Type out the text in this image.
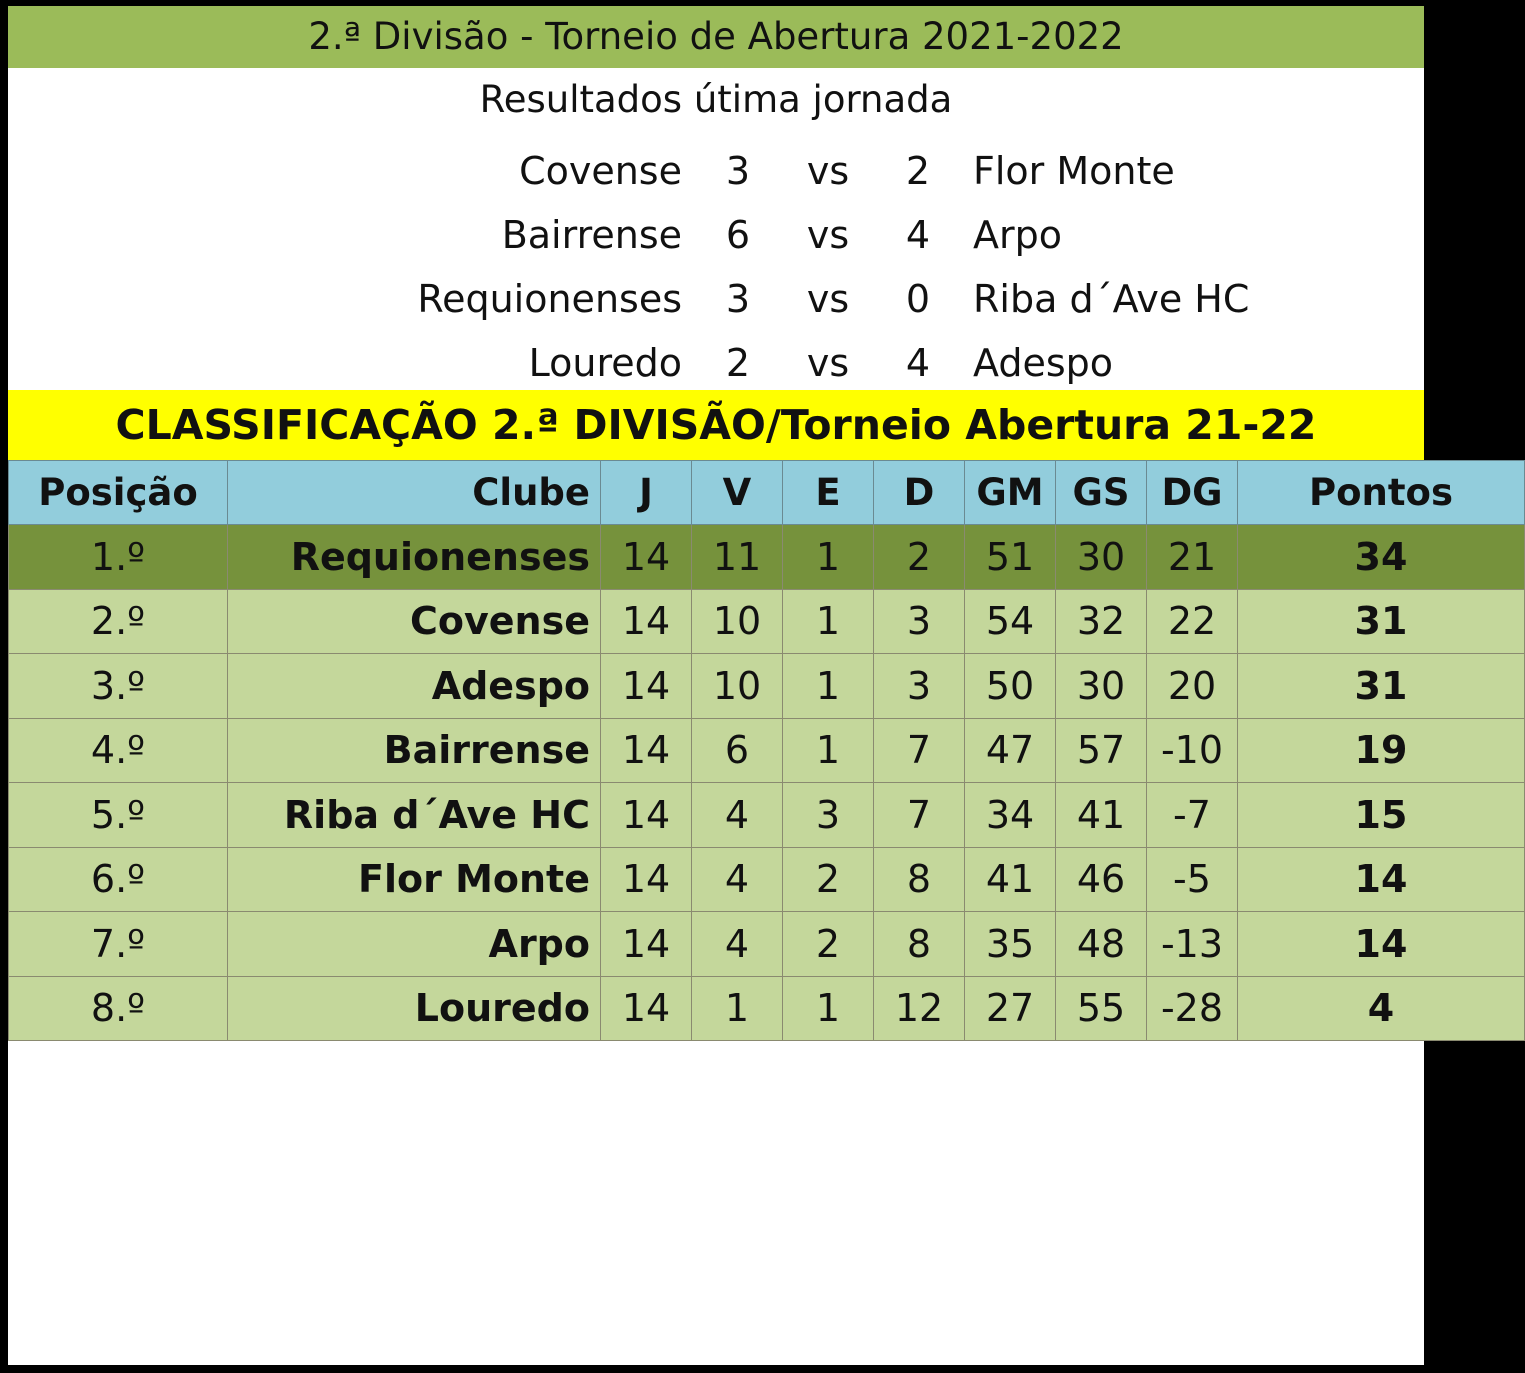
2.ª Divisão - Torneio de Abertura 2021-2022
Resultados útima jornada
Covense	3	vs	2	Flor Monte
Bairrense	6	vs	4	Arpo
Requionenses	3	vs	0	Riba d´Ave HC
Louredo	2	vs	4	Adespo
CLASSIFICAÇÃO 2.ª DIVISÃO/Torneio Abertura 21-22
Posição	Clube	J	V	E	D	GM	GS	DG	Pontos
1.º	Requionenses	14	11	1	2	51	30	21	34
2.º	Covense	14	10	1	3	54	32	22	31
3.º	Adespo	14	10	1	3	50	30	20	31
4.º	Bairrense	14	6	1	7	47	57	-10	19
5.º	Riba d´Ave HC	14	4	3	7	34	41	-7	15
6.º	Flor Monte	14	4	2	8	41	46	-5	14
7.º	Arpo	14	4	2	8	35	48	-13	14
8.º	Louredo	14	1	1	12	27	55	-28	4
